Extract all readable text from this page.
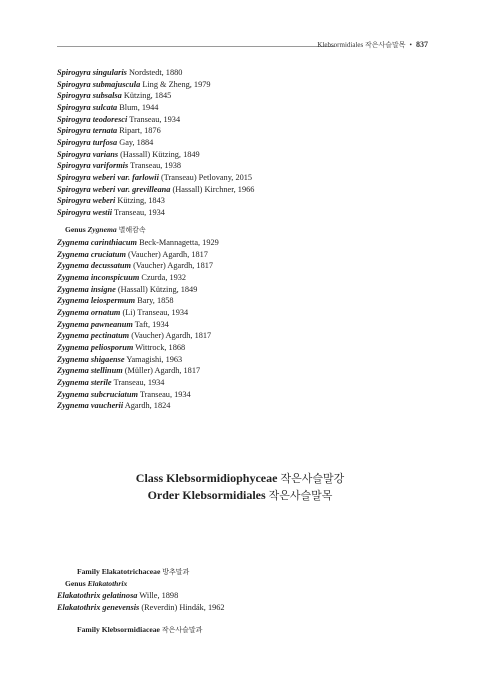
Klebsormidiales 작은사슬말목 • 837
Spirogyra singularis Nordstedt, 1880
Spirogyra submajuscula Ling & Zheng, 1979
Spirogyra subsalsa Kützing, 1845
Spirogyra sulcata Blum, 1944
Spirogyra teodoresci Transeau, 1934
Spirogyra ternata Ripart, 1876
Spirogyra turfosa Gay, 1884
Spirogyra varians (Hassall) Kützing, 1849
Spirogyra variformis Transeau, 1938
Spirogyra weberi var. farlowii (Transeau) Petlovany, 2015
Spirogyra weberi var. grevilleana (Hassall) Kirchner, 1966
Spirogyra weberi Kützing, 1843
Spirogyra westii Transeau, 1934
Genus Zygnema 별해캄속
Zygnema carinthiacum Beck-Mannagetta, 1929
Zygnema cruciatum (Vaucher) Agardh, 1817
Zygnema decussatum (Vaucher) Agardh, 1817
Zygnema inconspicuum Czurda, 1932
Zygnema insigne (Hassall) Kützing, 1849
Zygnema leiospermum Bary, 1858
Zygnema ornatum (Li) Transeau, 1934
Zygnema pawneanum Taft, 1934
Zygnema pectinatum (Vaucher) Agardh, 1817
Zygnema peliosporum Wittrock, 1868
Zygnema shigaense Yamagishi, 1963
Zygnema stellinum (Müller) Agardh, 1817
Zygnema sterile Transeau, 1934
Zygnema subcruciatum Transeau, 1934
Zygnema vaucherii Agardh, 1824
Class Klebsormidiophyceae 작은사슬말강
Order Klebsormidiales 작은사슬말목
Family Elakatotrichaceae 방추말과
Genus Elakatothrix
Elakatothrix gelatinosa Wille, 1898
Elakatothrix genevensis (Reverdin) Hindák, 1962
Family Klebsormidiaceae 작은사슬말과
